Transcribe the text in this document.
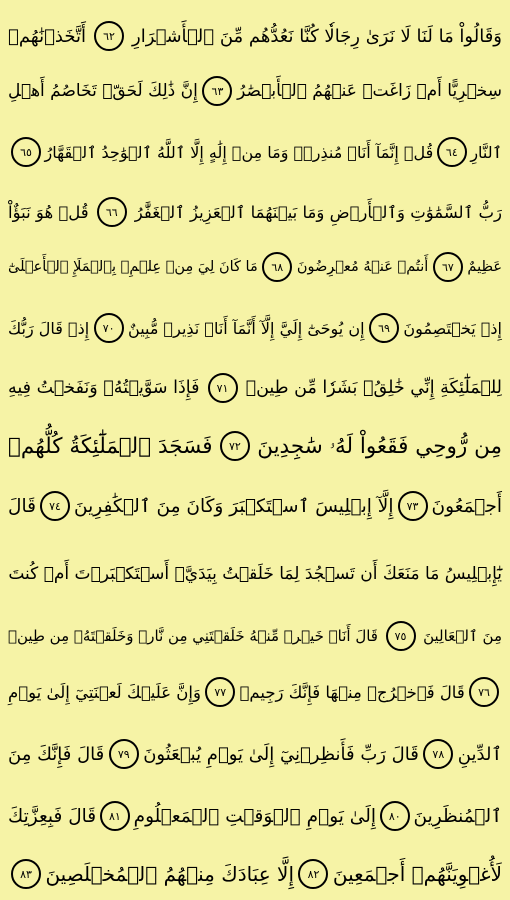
وَقَالُواْ مَا لَنَا لَا نَرَىٰ رِجَالٗا كُنَّا نَعُدُّهُم مِّنَ ٱلۡأَشۡرَارِ
٦٢
أَتَّخَذۡنَٰهُمۡ
سِخۡرِيًّا أَمۡ زَاغَتۡ عَنۡهُمُ ٱلۡأَبۡصَٰرُ
٦٣
إِنَّ ذَٰلِكَ لَحَقّٞ تَخَاصُمُ أَهۡلِ
ٱلنَّارِ
٦٤
قُلۡ إِنَّمَآ أَنَا۠ مُنذِرٞۖ وَمَا مِنۡ إِلَٰهٍ إِلَّا ٱللَّهُ ٱلۡوَٰحِدُ ٱلۡقَهَّارُ
٦٥
رَبُّ ٱلسَّمَٰوَٰتِ وَٱلۡأَرۡضِ وَمَا بَيۡنَهُمَا ٱلۡعَزِيزُ ٱلۡغَفَّٰرُ
٦٦
قُلۡ هُوَ نَبَؤٌاْ
عَظِيمٌ
٦٧
أَنتُمۡ عَنۡهُ مُعۡرِضُونَ
٦٨
مَا كَانَ لِيَ مِنۡ عِلۡمِۭ بِٱلۡمَلَإِ ٱلۡأَعۡلَىٰٓ
إِذۡ يَخۡتَصِمُونَ
٦٩
إِن يُوحَىٰٓ إِلَيَّ إِلَّآ أَنَّمَآ أَنَا۠ نَذِيرٞ مُّبِينٌ
٧٠
إِذۡ قَالَ رَبُّكَ
لِلۡمَلَٰٓئِكَةِ إِنِّي خَٰلِقُۢ بَشَرٗا مِّن طِينٖ
٧١
فَإِذَا سَوَّيۡتُهُۥ وَنَفَخۡتُ فِيهِ
مِن رُّوحِي فَقَعُواْ لَهُۥ سَٰجِدِينَ
٧٢
فَسَجَدَ ٱلۡمَلَٰٓئِكَةُ كُلُّهُمۡ
أَجۡمَعُونَ
٧٣
إِلَّآ إِبۡلِيسَ ٱسۡتَكۡبَرَ وَكَانَ مِنَ ٱلۡكَٰفِرِينَ
٧٤
قَالَ
يَٰٓإِبۡلِيسُ مَا مَنَعَكَ أَن تَسۡجُدَ لِمَا خَلَقۡتُ بِيَدَيَّۖ أَسۡتَكۡبَرۡتَ أَمۡ كُنتَ
مِنَ ٱلۡعَالِينَ
٧٥
قَالَ أَنَا۠ خَيۡرٞ مِّنۡهُ خَلَقۡتَنِي مِن نَّارٖ وَخَلَقۡتَهُۥ مِن طِينٖ
٧٦
قَالَ فَٱخۡرُجۡ مِنۡهَا فَإِنَّكَ رَجِيمٞ
٧٧
وَإِنَّ عَلَيۡكَ لَعۡنَتِيٓ إِلَىٰ يَوۡمِ
ٱلدِّينِ
٧٨
قَالَ رَبِّ فَأَنظِرۡنِيٓ إِلَىٰ يَوۡمِ يُبۡعَثُونَ
٧٩
قَالَ فَإِنَّكَ مِنَ
ٱلۡمُنظَرِينَ
٨٠
إِلَىٰ يَوۡمِ ٱلۡوَقۡتِ ٱلۡمَعۡلُومِ
٨١
قَالَ فَبِعِزَّتِكَ
لَأُغۡوِيَنَّهُمۡ أَجۡمَعِينَ
٨٢
إِلَّا عِبَادَكَ مِنۡهُمُ ٱلۡمُخۡلَصِينَ
٨٣
